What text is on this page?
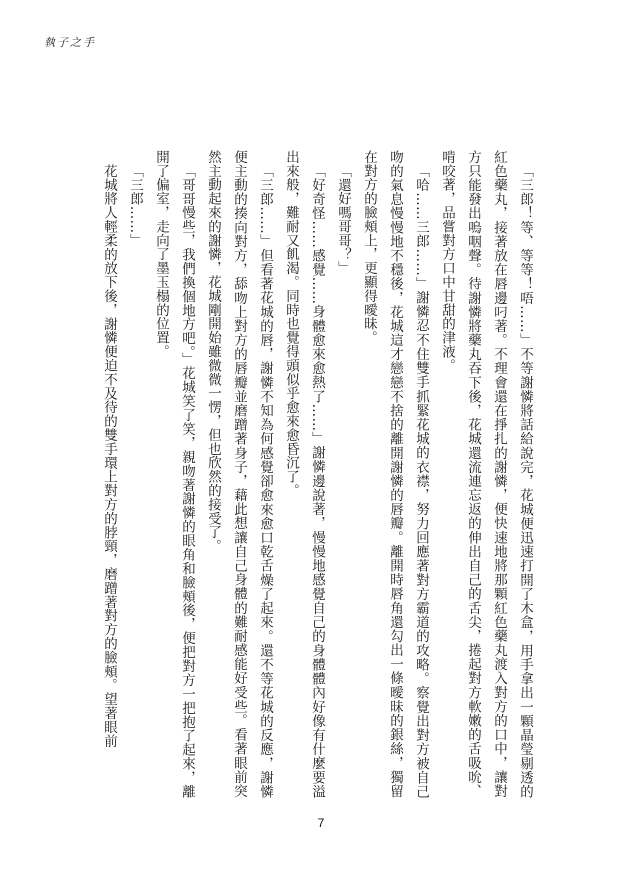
執子之手

「三郎！等、等等！唔……」不等謝憐將話給說完，花城便迅速打開了木盒，用手拿出一顆晶瑩剔透的紅色藥丸，接著放在唇邊叼著。不理會還在掙扎的謝憐，便快速地將那顆紅色藥丸渡入對方的口中，讓對方只能發出嗚咽聲。待謝憐將藥丸吞下後，花城還流連忘返的伸出自己的舌尖，捲起對方軟嫩的舌吸吮、啃咬著，品嘗對方口中甘甜的津液。

「哈……三郎……」謝憐忍不住雙手抓緊花城的衣襟，努力回應著對方霸道的攻略。察覺出對方被自己吻的氣息慢慢地不穩後，花城這才戀戀不捨的離開謝憐的唇瓣。離開時唇角還勾出一條曖昧的銀絲，獨留在對方的臉頰上，更顯得曖昧。

「還好嗎哥哥？」

「好奇怪……感覺……身體愈來愈熱了……」謝憐邊說著，慢慢地感覺自己的身體體內好像有什麼要溢出來般，難耐又飢渴。同時也覺得頭似乎愈來愈昏沉了。

「三郎……」但看著花城的唇，謝憐不知為何感覺卻愈來愈口乾舌燥了起來。還不等花城的反應，謝憐便主動的揍向對方，舔吻上對方的唇瓣並磨蹭著身子，藉此想讓自己身體的難耐感能好受些。看著眼前突然主動起來的謝憐，花城剛開始雖微微一愣，但也欣然的接受了。

「哥哥慢些，我們換個地方吧。」花城笑了笑，親吻著謝憐的眼角和臉頰後，便把對方一把抱了起來，離開了偏室，走向了墨玉榻的位置。

「三郎……」

花城將人輕柔的放下後，謝憐便迫不及待的雙手環上對方的脖頸，磨蹭著對方的臉頰。望著眼前

7
